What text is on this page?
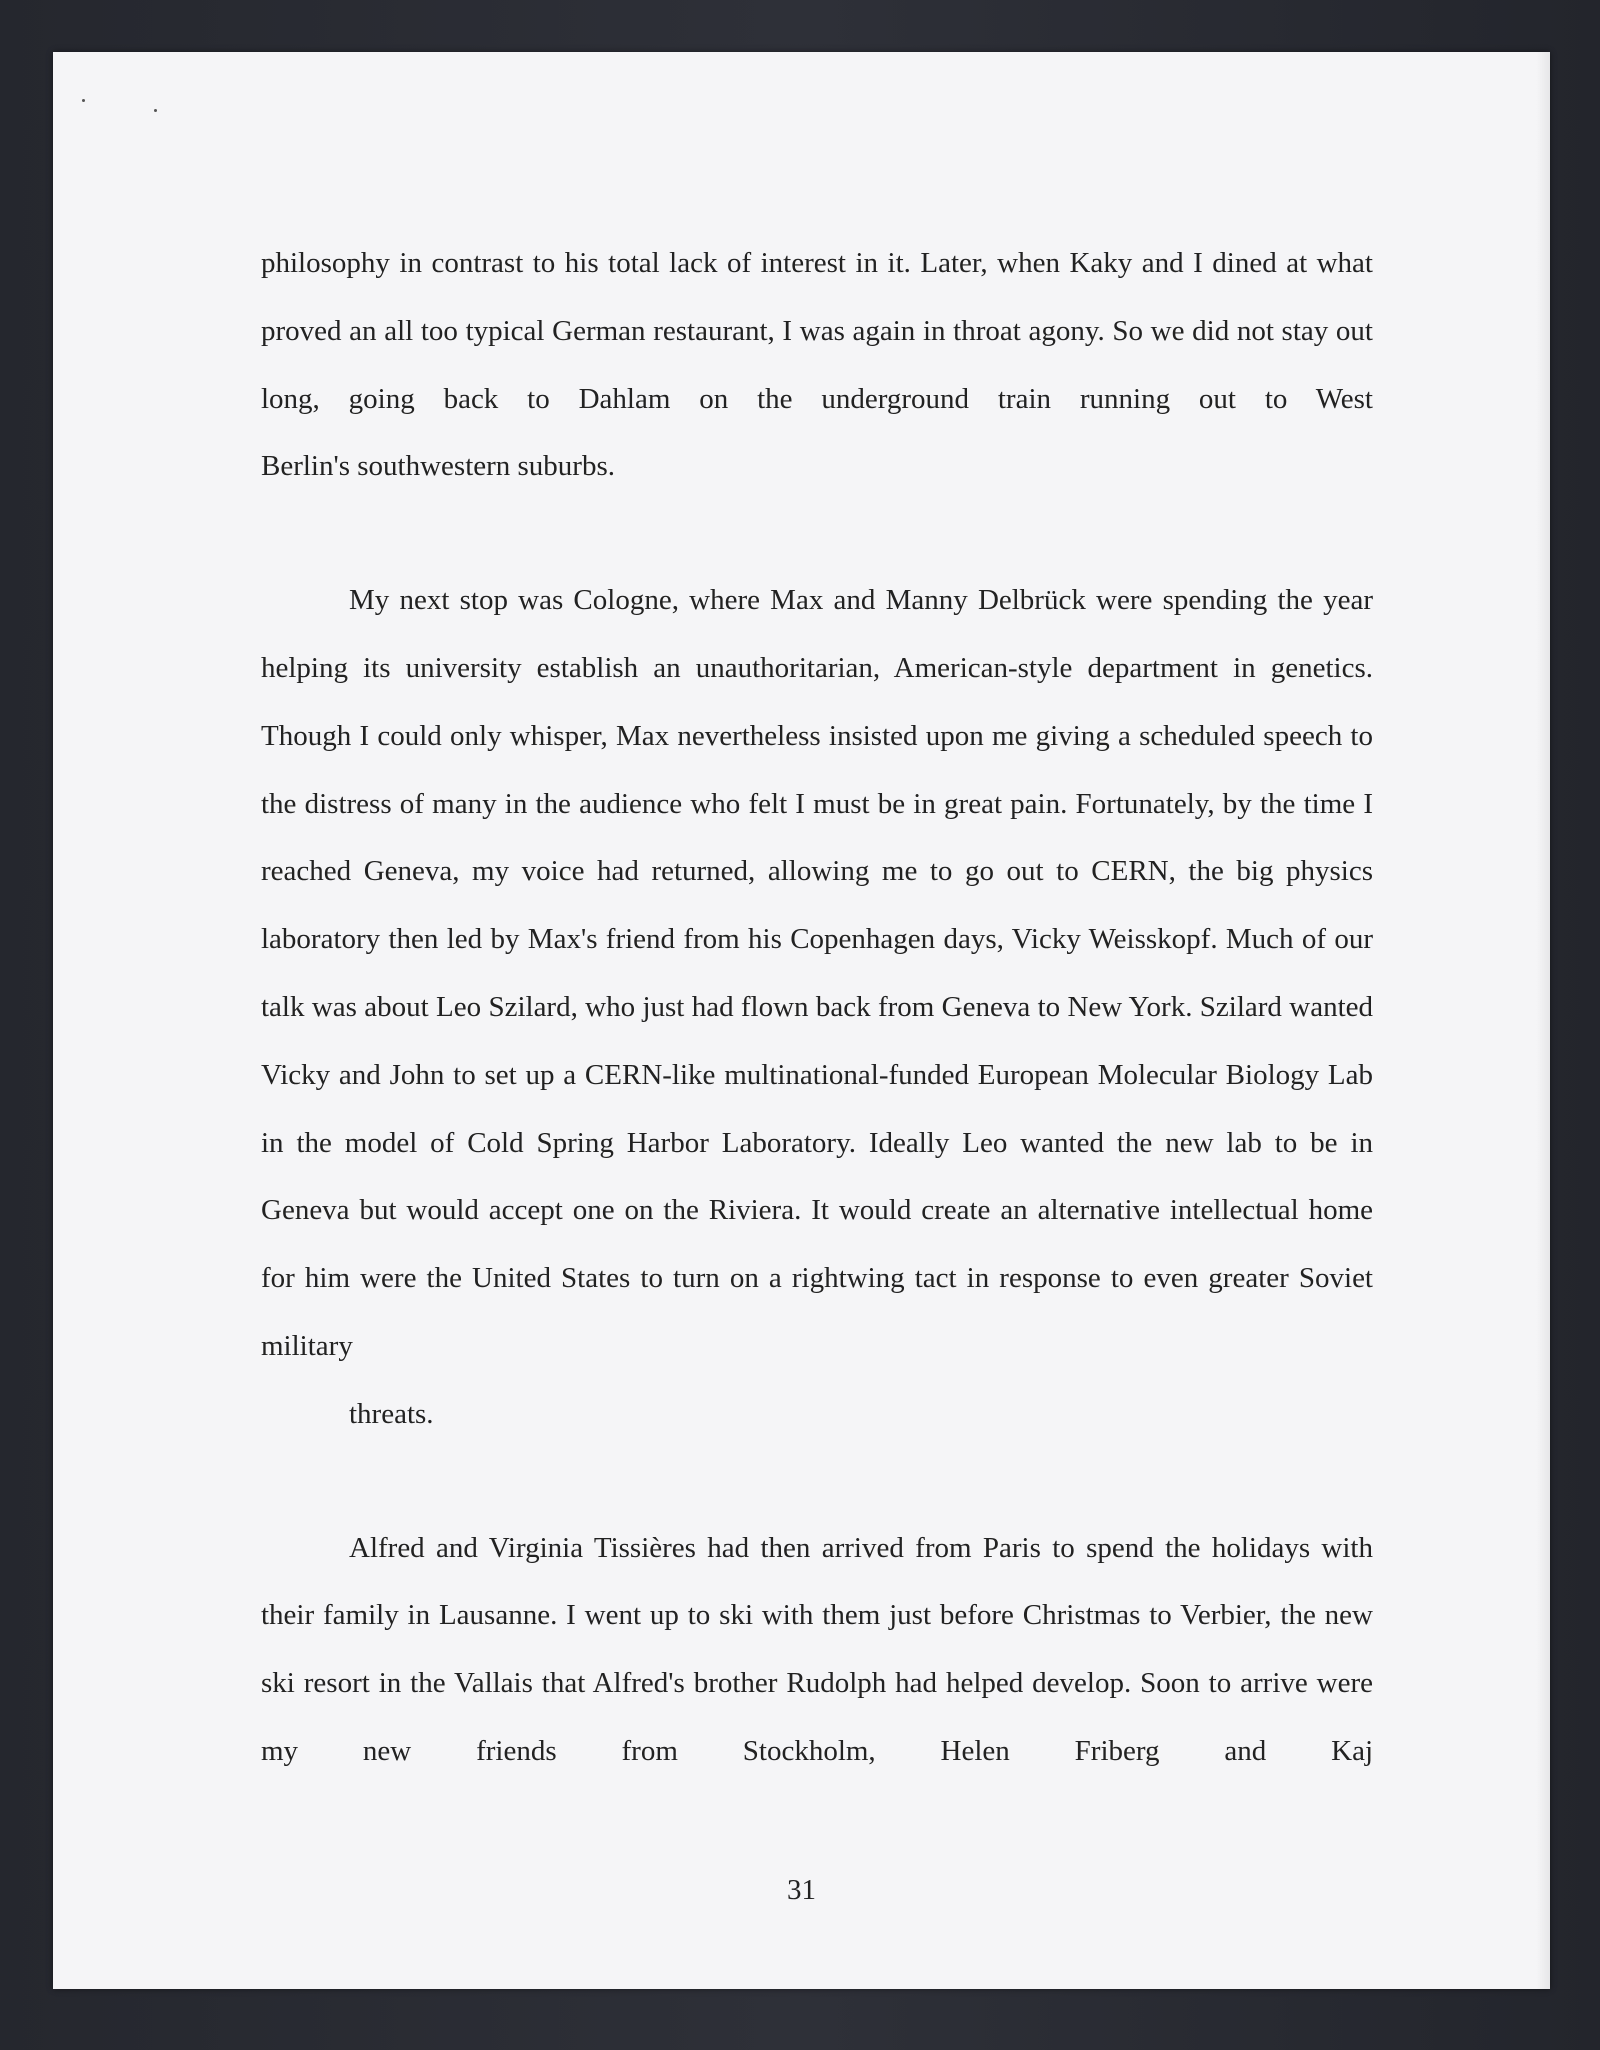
philosophy in contrast to his total lack of interest in it. Later, when Kaky and I dined at what proved an all too typical German restaurant, I was again in throat agony. So we did not stay out long, going back to Dahlam on the underground train running out to West
Berlin's southwestern suburbs.

My next stop was Cologne, where Max and Manny Delbrück were spending the year helping its university establish an unauthoritarian, American-style department in genetics. Though I could only whisper, Max nevertheless insisted upon me giving a scheduled speech to the distress of many in the audience who felt I must be in great pain. Fortunately, by the time I reached Geneva, my voice had returned, allowing me to go out to CERN, the big physics laboratory then led by Max's friend from his Copenhagen days, Vicky Weisskopf. Much of our talk was about Leo Szilard, who just had flown back from Geneva to New York. Szilard wanted Vicky and John to set up a CERN-like multinational-funded European Molecular Biology Lab in the model of Cold Spring Harbor Laboratory. Ideally Leo wanted the new lab to be in Geneva but would accept one on the Riviera. It would create an alternative intellectual home for him were the United States to turn on a rightwing tact in response to even greater Soviet military
threats.

Alfred and Virginia Tissières had then arrived from Paris to spend the holidays with their family in Lausanne. I went up to ski with them just before Christmas to Verbier, the new ski resort in the Vallais that Alfred's brother Rudolph had helped develop. Soon to arrive were my new friends from Stockholm, Helen Friberg and Kaj

31
